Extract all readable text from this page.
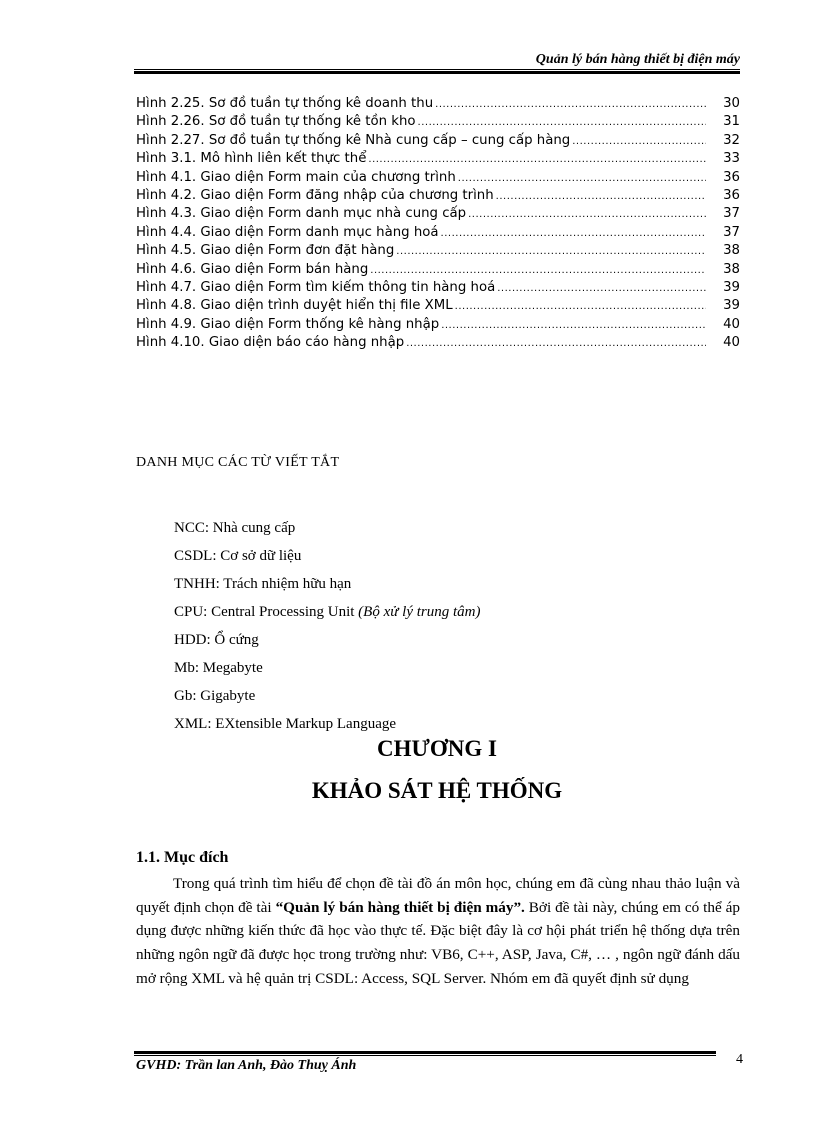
Quản lý bán hàng thiết bị điện máy
Hình 2.25. Sơ đồ tuần tự thống kê doanh thu .....	30
Hình 2.26. Sơ đồ tuần tự thống kê tồn kho .....	31
Hình 2.27. Sơ đồ tuần tự thống kê Nhà cung cấp – cung cấp hàng .....	32
Hình 3.1. Mô hình liên kết thực thể .....	33
Hình 4.1. Giao diện Form main của chương trình .....	36
Hình 4.2. Giao diện Form đăng nhập của chương trình .....	36
Hình 4.3. Giao diện Form danh mục nhà cung cấp .....	37
Hình 4.4. Giao diện Form danh mục hàng hoá .....	37
Hình 4.5. Giao diện Form đơn đặt hàng .....	38
Hình 4.6. Giao diện Form bán hàng .....	38
Hình 4.7. Giao diện Form tìm kiếm thông tin hàng hoá .....	39
Hình 4.8. Giao diện trình duyệt hiển thị file XML .....	39
Hình 4.9. Giao diện Form thống kê hàng nhập .....	40
Hình 4.10. Giao diện báo cáo hàng nhập .....	40
DANH MỤC CÁC TỪ VIẾT TẮT
NCC: Nhà cung cấp
CSDL: Cơ sở dữ liệu
TNHH: Trách nhiệm hữu hạn
CPU: Central Processing Unit (Bộ xử lý trung tâm)
HDD: Ổ cứng
Mb: Megabyte
Gb: Gigabyte
XML: EXtensible Markup Language
CHƯƠNG I
KHẢO SÁT HỆ THỐNG
1.1. Mục đích

Trong quá trình tìm hiểu để chọn đề tài đồ án môn học, chúng em đã cùng nhau thảo luận và quyết định chọn đề tài “Quản lý bán hàng thiết bị điện máy”. Bởi đề tài này, chúng em có thể áp dụng được những kiến thức đã học vào thực tế. Đặc biệt đây là cơ hội phát triển hệ thống dựa trên những ngôn ngữ đã được học trong trường như: VB6, C++, ASP, Java, C#, … , ngôn ngữ đánh dấu mở rộng XML và hệ quản trị CSDL: Access, SQL Server. Nhóm em đã quyết định sử dụng

GVHD: Trần lan Anh, Đào Thuỵ Ánh	4
